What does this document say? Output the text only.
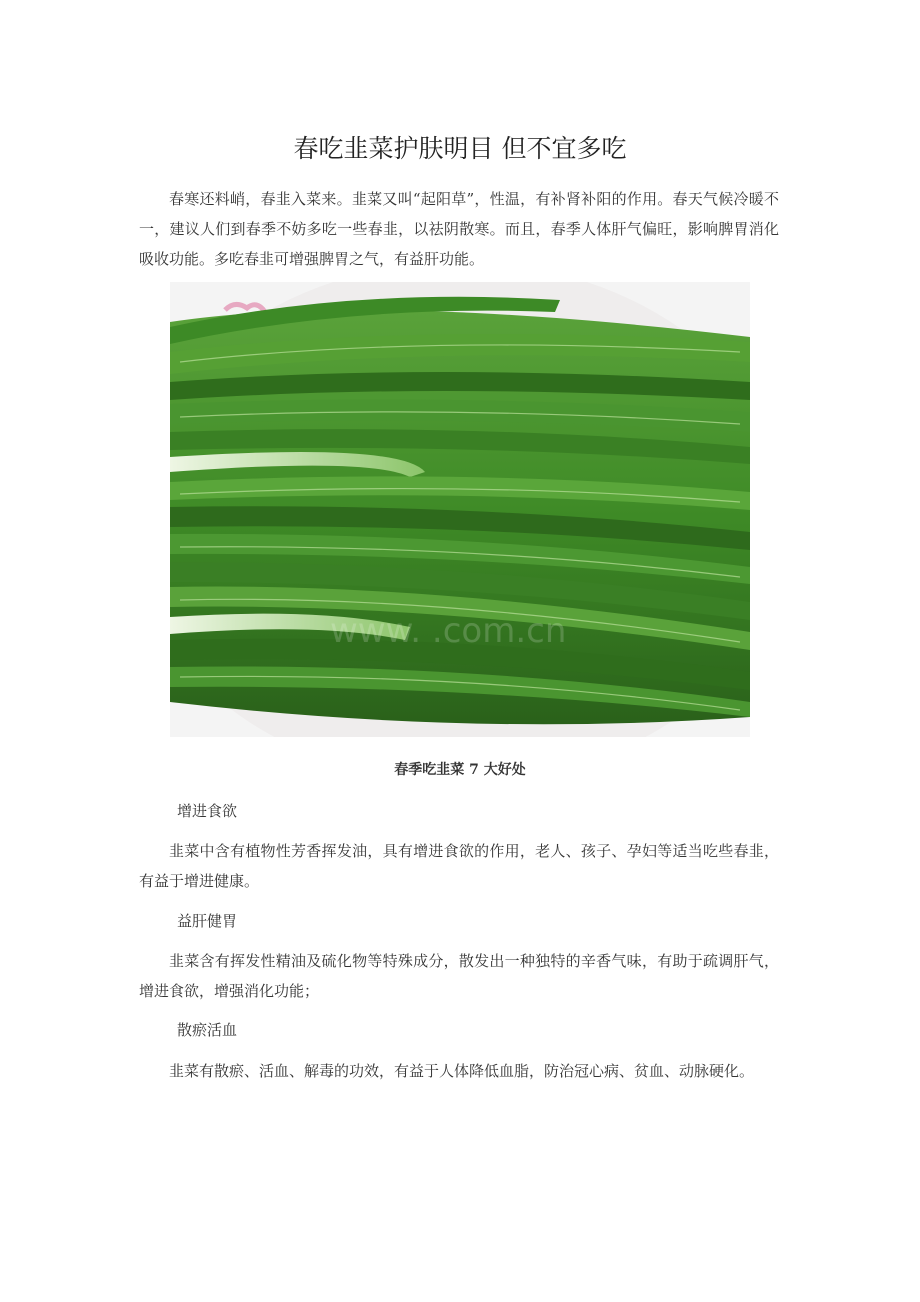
春吃韭菜护肤明目 但不宜多吃

春寒还料峭，春韭入菜来。韭菜又叫“起阳草”，性温，有补肾补阳的作用。春天气候冷暖不一，建议人们到春季不妨多吃一些春韭，以祛阴散寒。而且，春季人体肝气偏旺，影响脾胃消化吸收功能。多吃春韭可增强脾胃之气，有益肝功能。

www. .com.cn

春季吃韭菜 7 大好处

增进食欲

韭菜中含有植物性芳香挥发油，具有增进食欲的作用，老人、孩子、孕妇等适当吃些春韭，有益于增进健康。

益肝健胃

韭菜含有挥发性精油及硫化物等特殊成分，散发出一种独特的辛香气味，有助于疏调肝气，增进食欲，增强消化功能；

散瘀活血

韭菜有散瘀、活血、解毒的功效，有益于人体降低血脂，防治冠心病、贫血、动脉硬化。
